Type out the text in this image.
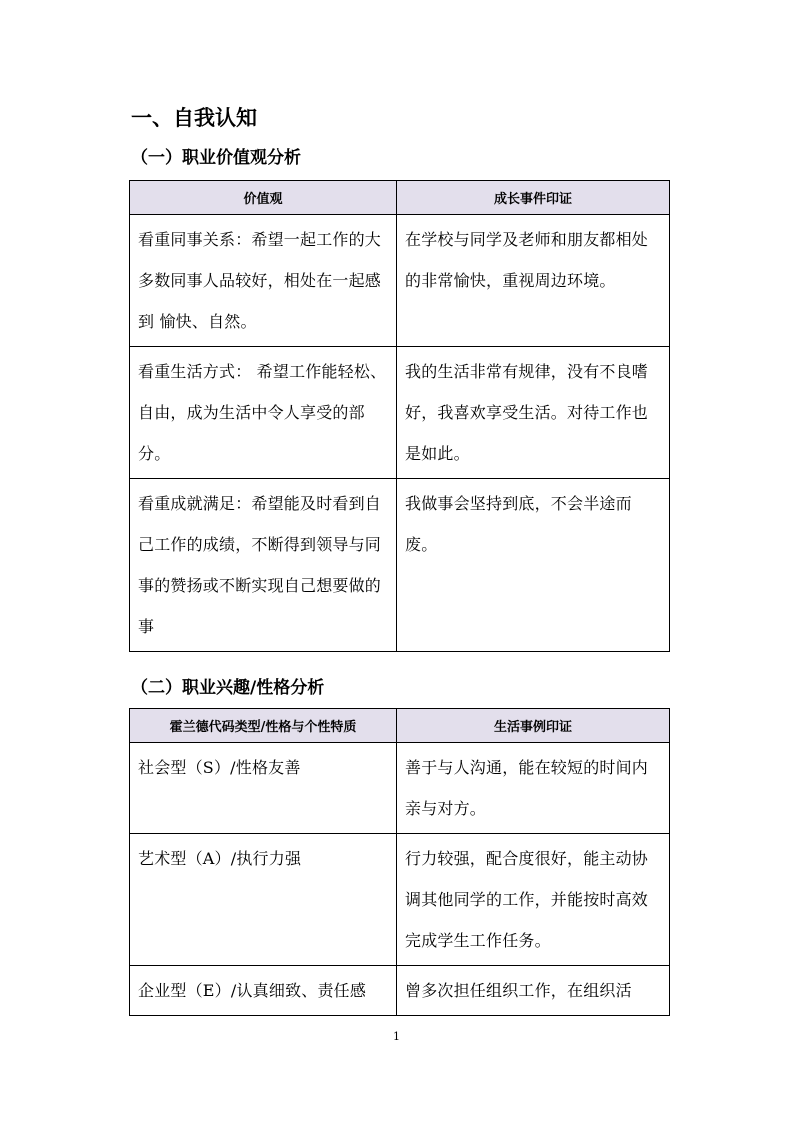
一、自我认知
（一）职业价值观分析
价值观	成长事件印证

看重同事关系：希望一起工作的大多数同事人品较好，相处在一起感到 愉快、自然。	在学校与同学及老师和朋友都相处的非常愉快，重视周边环境。

看重生活方式： 希望工作能轻松、自由，成为生活中令人享受的部分。	我的生活非常有规律，没有不良嗜好，我喜欢享受生活。对待工作也是如此。

看重成就满足：希望能及时看到自己工作的成绩，不断得到领导与同事的赞扬或不断实现自己想要做的事	我做事会坚持到底，不会半途而废。
（二）职业兴趣/性格分析
霍兰德代码类型/性格与个性特质	生活事例印证

社会型（S）/性格友善	善于与人沟通，能在较短的时间内亲与对方。

艺术型（A）/执行力强	行力较强，配合度很好，能主动协调其他同学的工作，并能按时高效完成学生工作任务。

企业型（E）/认真细致、责任感	曾多次担任组织工作，在组织活
1
